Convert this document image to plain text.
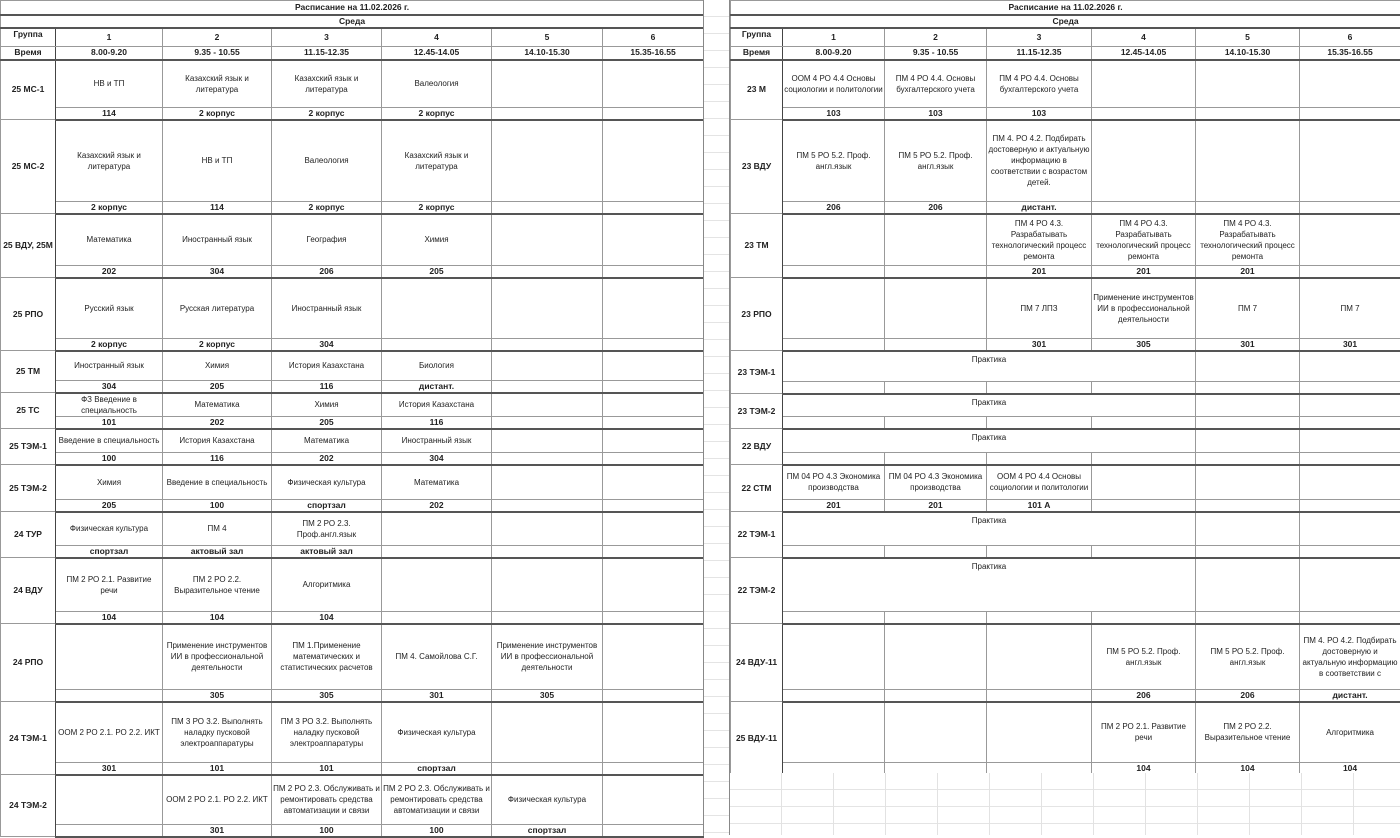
Расписание на 11.02.2026 г.						
Среда						
Группа	1	2	3	4	5	6
Время	8.00-9.20	9.35 - 10.55	11.15-12.35	12.45-14.05	14.10-15.30	15.35-16.55
25 МС-1	НВ и ТП	Казахский язык и литература	Казахский язык и литература	Валеология		

	114	2 корпус	2 корпус	2 корпус		
25 МС-2	Казахский язык и литература	НВ и ТП	Валеология	Казахский язык и литература		

	2 корпус	114	2 корпус	2 корпус		
25 ВДУ, 25М	Математика	Иностранный язык	География	Химия		

	202	304	206	205		
25 РПО	Русский язык	Русская литература	Иностранный язык			

	2 корпус	2 корпус	304			
25 ТМ	Иностранный язык	Химия	История Казахстана	Биология		

	304	205	116	дистант.		
25 ТС	ФЗ Введение в специальность	Математика	Химия	История Казахстана		

	101	202	205	116		
25 ТЭМ-1	Введение в специальность	История Казахстана	Математика	Иностранный язык		

	100	116	202	304		
25 ТЭМ-2	Химия	Введение в специальность	Физическая культура	Математика		

	205	100	спортзал	202		
24 ТУР	Физическая культура	ПМ 4	ПМ 2 РО 2.3. Проф.англ.язык			

	спортзал	актовый зал	актовый зал			
24 ВДУ	ПМ 2 РО 2.1. Развитие речи	ПМ 2 РО 2.2. Выразительное чтение	Алгоритмика			

	104	104	104			
24 РПО		Применение инструментов ИИ в профессиональной деятельности	ПМ 1.Применение математических и статистических расчетов	ПМ 4. Самойлова С.Г.	Применение инструментов ИИ в профессиональной деятельности	

		305	305	301	305	
24 ТЭМ-1	ООМ 2 РО 2.1. РО 2.2. ИКТ	ПМ 3 РО 3.2. Выполнять наладку пусковой электроаппаратуры	ПМ 3 РО 3.2. Выполнять наладку пусковой электроаппаратуры	Физическая культура		

	301	101	101	спортзал		
24 ТЭМ-2		ООМ 2 РО 2.1. РО 2.2. ИКТ	ПМ 2 РО 2.3. Обслуживать и ремонтировать средства автоматизации и связи	ПМ 2 РО 2.3. Обслуживать и ремонтировать средства автоматизации и связи	Физическая культура	

		301	100	100	спортзал	
Расписание на 11.02.2026 г.						
Среда						
Группа	1	2	3	4	5	6
Время	8.00-9.20	9.35 - 10.55	11.15-12.35	12.45-14.05	14.10-15.30	15.35-16.55
23 М	ООМ 4 РО 4.4 Основы социологии и политологии	ПМ 4 РО 4.4. Основы бухгалтерского учета	ПМ 4 РО 4.4. Основы бухгалтерского учета			

	103	103	103			
23 ВДУ	ПМ 5 РО 5.2. Проф. англ.язык	ПМ 5 РО 5.2. Проф. англ.язык	ПМ 4. РО 4.2. Подбирать достоверную и актуальную информацию в соответствии с возрастом детей.			

	206	206	дистант.			
23 ТМ			ПМ 4 РО 4.3. Разрабатывать технологический процесс ремонта	ПМ 4 РО 4.3. Разрабатывать технологический процесс ремонта	ПМ 4 РО 4.3. Разрабатывать технологический процесс ремонта	

			201	201	201	
23 РПО			ПМ 7 ЛПЗ	Применение инструментов ИИ в профессиональной деятельности	ПМ 7	ПМ 7

			301	305	301	301
23 ТЭМ-1	Практика					

23 ТЭМ-2	Практика					

22 ВДУ	Практика					

22 СТМ	ПМ 04 РО 4.3 Экономика производства	ПМ 04 РО 4.3 Экономика производства	ООМ 4 РО 4.4 Основы социологии и политологии			

	201	201	101 А			
22 ТЭМ-1	Практика					

22 ТЭМ-2	Практика					

24 ВДУ-11				ПМ 5 РО 5.2. Проф. англ.язык	ПМ 5 РО 5.2. Проф. англ.язык	ПМ 4. РО 4.2. Подбирать достоверную и актуальную информацию в соответствии с

				206	206	дистант.
25 ВДУ-11				ПМ 2 РО 2.1. Развитие речи	ПМ 2 РО 2.2. Выразительное чтение	Алгоритмика

				104	104	104
